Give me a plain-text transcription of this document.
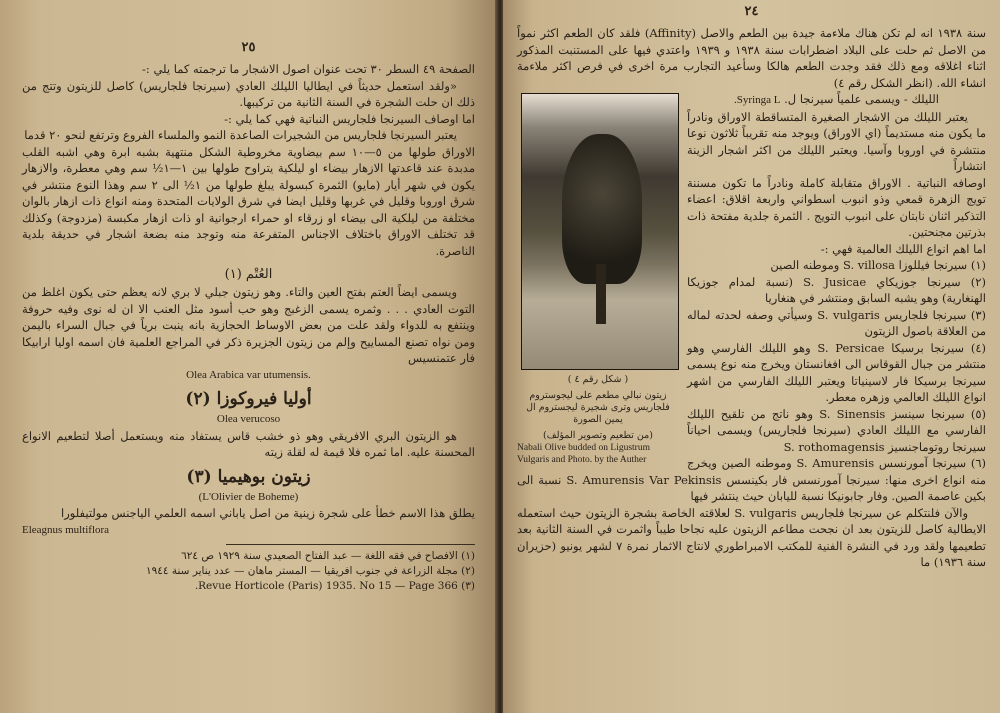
٢٥

الصفحة ٤٩ السطر ٣٠ تحت عنوان اصول الاشجار ما ترجمته كما يلي :-

«ولقد استعمل حديثاً في ايطاليا الليلك العادي (سيرنجا فلجاريس) كاصل للزيتون وتتج من ذلك ان حلت الشجرة في السنة الثانية من تركيبها.

اما اوصاف السيرنجا فلجاريس النباتية فهي كما يلي :-

يعتبر السيرنجا فلجاريس من الشجيرات الصاعدة النمو والملساء الفروع وترتفع لنحو ٢٠ قدما

الاوراق طولها من ٥—١٠ سم بيضاوية مخروطية الشكل منتهية بشبه ابرة وهي اشبه القلب مدبدة عند قاعدتها الازهار بيضاء او ليلكية يتراوح طولها بين ١—١½ سم وهي معطرة، والازهار يكون في شهر أيار (مايو) الثمرة كبسولة يبلغ طولها من ١½ الى ٢ سم وهذا النوع منتشر في شرق اوروبا وقليل في غربها وقليل ايضا في شرق الولايات المتحدة ومنه انواع ذات ازهار بالوان مختلفة من ليلكية الى بيضاء او زرقاء او حمراء ارجوانية او ذات ازهار مكبسة (مزدوجة) وكذلك قد تختلف الاوراق باختلاف الاجناس المتفرعة منه وتوجد منه بضعة اشجار في حديقة بلدية الناصرة.

العُتْم (١)

ويسمى ايضاً العتم بفتح العين والتاء. وهو زيتون جبلي لا بري لانه يعظم حتى يكون اغلظ من التوت العادي . . . وثمره يسمى الزغبج وهو حب أسود مثل العنب الا ان له نوى وفيه حروفة وينتفع به للدواء ولقد علت من بعض الاوساط الحجازية بانه ينبت برياً في جبال السراء باليمن ومن نواه تصنع المساييح وإلم من زيتون الجزيرة ذكر في المراجع العلمية فان اسمه اوليا ارابيكا فار عتمنسيس

Olea Arabica var utumensis.

أوليا فيروكوزا (٢)

Olea verucoso

هو الزيتون البري الافريقي وهو ذو خشب قاس يستفاد منه ويستعمل أصلا لتطعيم الانواع المحسنة عليه. اما ثمره فلا قيمة له لقلة زيته

زيتون بوهيميا (٣)

(L'Olivier de Boheme)

يطلق هذا الاسم خطأ على شجرة زينية من اصل ياباني اسمه العلمي الياجنس مولتيفلورا

Eleagnus multiflora

(١) الافصاح في فقه اللغة — عبد الفتاح الصعيدي سنة ١٩٢٩ ص ٦٢٤

(٢) مجلة الزراعة في جنوب افريقيا — المستر ماهان — عدد يناير سنة ١٩٤٤

(٣) Revue Horticole (Paris) 1935. No 15 — Page 366.

٢٤

سنة ١٩٣٨ انه لم تكن هناك ملاءمة جيدة بين الطعم والاصل (Affinity) فلقد كان الطعم اكثر نمواً من الاصل ثم حلت على البلاد اضطرابات سنة ١٩٣٨ و ١٩٣٩ واعتدي فيها على المستنبت المذكور اثناء اغلاقه ومع ذلك فقد وجدت الطعم هالكا وسأعيد التجارب مرة اخرى في فرص اكثر ملاءمة انشاء الله. (انظر الشكل رقم ٤)

( شكل رقم ٤ )
زيتون نبالي مطعم على ليجوستروم فلجاريس وترى شجيرة ليجستروم ال يمين الصورة
(من تطعيم وتصوير المؤلف)
Nabali Olive budded on Ligustrum Vulgaris and Photo. by the Auther

الليلك - ويسمى علمياً سيرنجا ل. Syringa L.

يعتبر الليلك من الاشجار الصغيرة المتساقطة الاوراق ونادراً ما يكون منه مستديماً (اي الاوراق) ويوجد منه تقريباً ثلاثون نوعا منتشرة في اوروبا وآسيا. ويعتبر الليلك من اكثر اشجار الزينة انتشاراً

اوصافه النباتية . الاوراق متقابلة كاملة ونادراً ما تكون مسننة تويج الزهرة قمعي وذو انبوب اسطواني واربعة اقلاق: اعضاء التذكير اثنان نابتان على انبوب التويج . الثمرة جلدية مفتحة ذات بذرتين مجنحتين.

اما اهم انواع الليلك العالمية فهي :-

(١) سيرنجا فيللوزا S. villosa وموطنه الصين
(٢) سيرنجا جوزيكاي S. Jusicae (نسبة لمدام جوزيكا الهنغارية) وهو يشبه السابق ومنتشر في هنغاريا
(٣) سيرنجا فلجاريس S. vulgaris وسيأتي وصفه لحدته لماله من العلاقة باصول الزيتون
(٤) سيرنجا برسيكا S. Persicae وهو الليلك الفارسي وهو منتشر من جبال القوقاس الى افغانستان ويخرج منه نوع يسمى سيرنجا برسيكا فار لاسينياتا ويعتبر الليلك الفارسي من اشهر انواع الليلك العالمي وزهره معطر.
(٥) سيرنجا سينسز S. Sinensis وهو ناتج من تلقيح الليلك الفارسي مع الليلك العادي (سيرنجا فلجاريس) ويسمى احياناً سيرنجا روتوماجنسيز S. rothomagensis
(٦) سيرنجا آمورنسس S. Amurensis وموطنه الصين ويخرج منه انواع اخرى منها: سيرنجا آمورنسس فار بكينسس S. Amurensis Var Pekinsis نسبة الى بكين عاصمة الصين. وفار جابونيكا نسبة لليابان حيث ينتشر فيها

والآن فلنتكلم عن سيرنجا فلجاريس S. vulgaris لعلاقته الخاصة بشجرة الزيتون حيث استعمله الايطالية كاصل للزيتون بعد ان نجحت مطاعم الزيتون عليه نجاحا طيباً واثمرت في السنة الثانية بعد تطعيمها ولقد ورد في النشرة الفنية للمكتب الامبراطوري لانتاج الاثمار نمرة ٧ لشهر يونيو (حزيران سنة ١٩٣٦) ما
